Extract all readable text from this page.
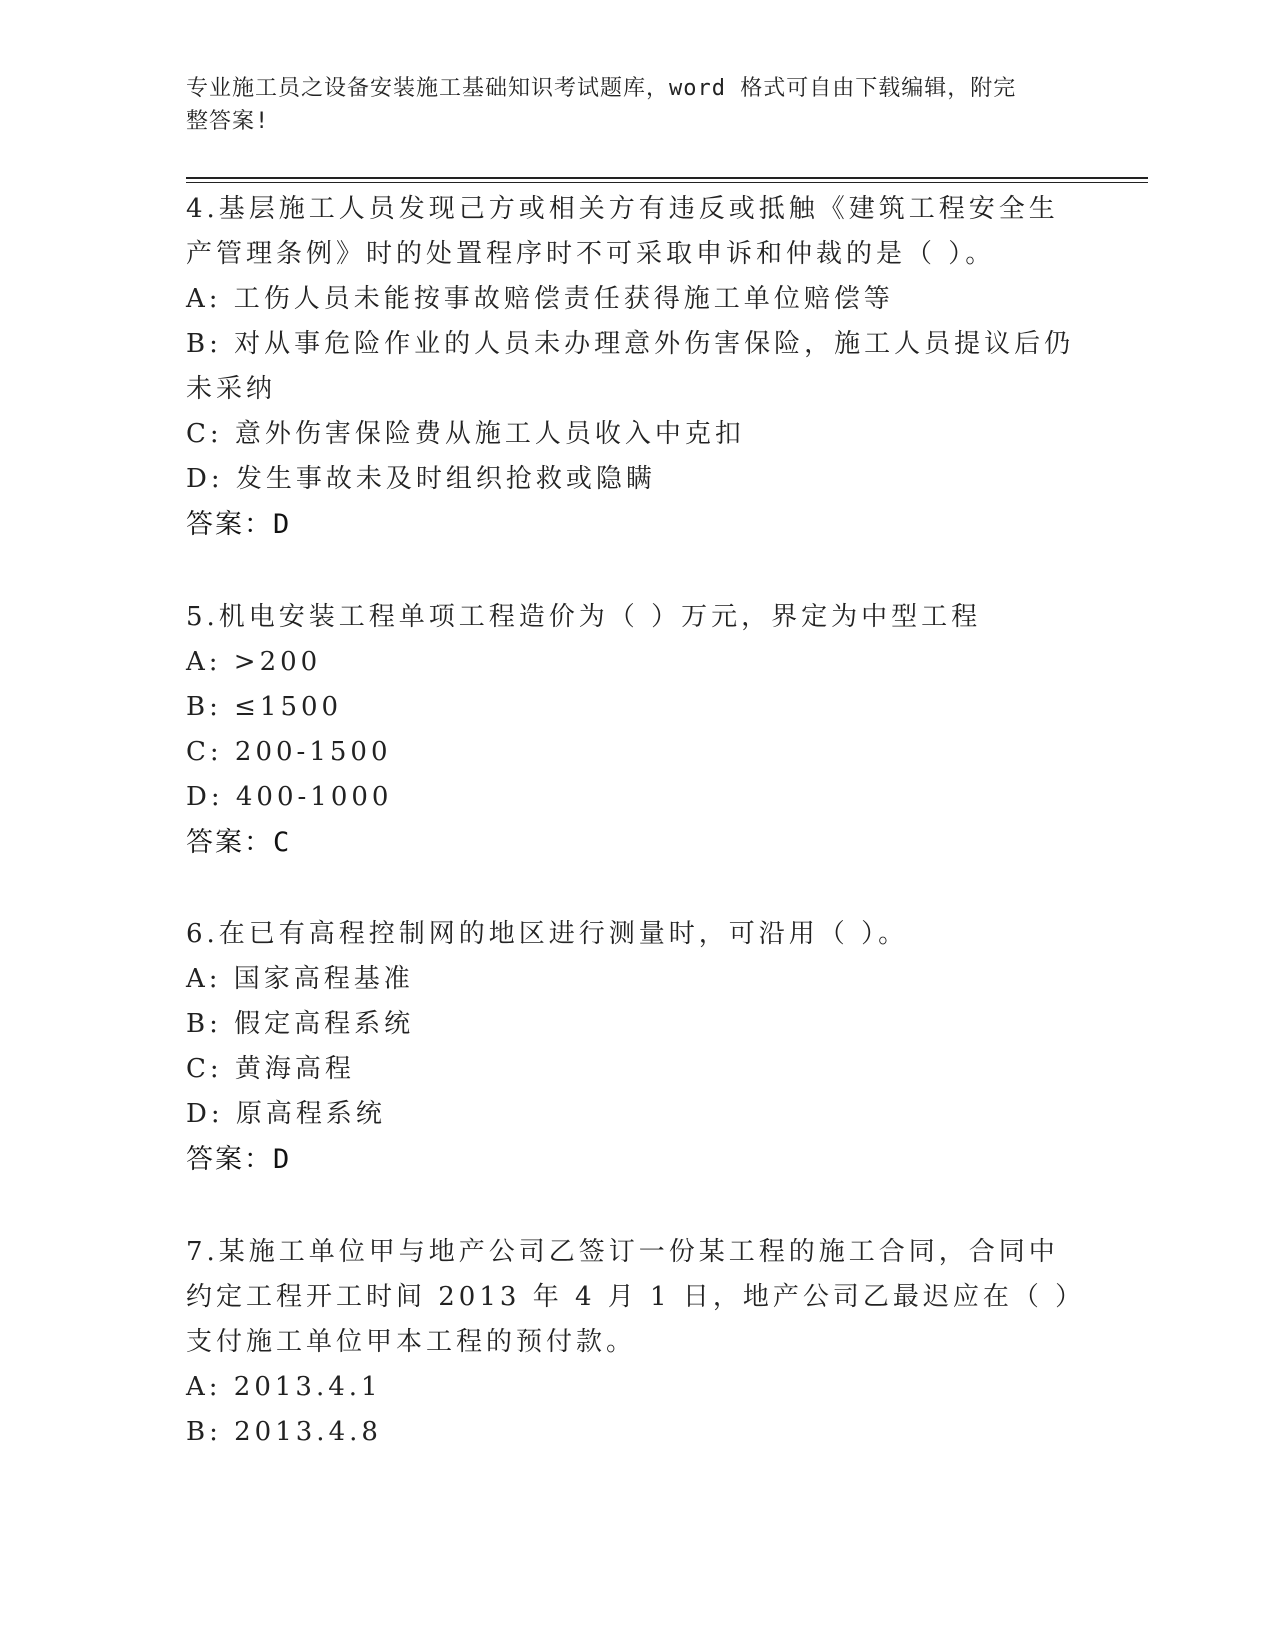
专业施工员之设备安装施工基础知识考试题库，word 格式可自由下载编辑，附完
整答案!

4.基层施工人员发现己方或相关方有违反或抵触《建筑工程安全生产管理条例》时的处置程序时不可采取申诉和仲裁的是（ ）。

A: 工伤人员未能按事故赔偿责任获得施工单位赔偿等

B: 对从事危险作业的人员未办理意外伤害保险，施工人员提议后仍未采纳

C: 意外伤害保险费从施工人员收入中克扣

D: 发生事故未及时组织抢救或隐瞒

答案：D

5.机电安装工程单项工程造价为（ ）万元，界定为中型工程

A: >200

B: ≤1500

C: 200-1500

D: 400-1000

答案：C

6.在已有高程控制网的地区进行测量时，可沿用（ ）。

A: 国家高程基准

B: 假定高程系统

C: 黄海高程

D: 原高程系统

答案：D

7.某施工单位甲与地产公司乙签订一份某工程的施工合同，合同中约定工程开工时间 2013 年 4 月 1 日，地产公司乙最迟应在（ ）支付施工单位甲本工程的预付款。

A: 2013.4.1

B: 2013.4.8
